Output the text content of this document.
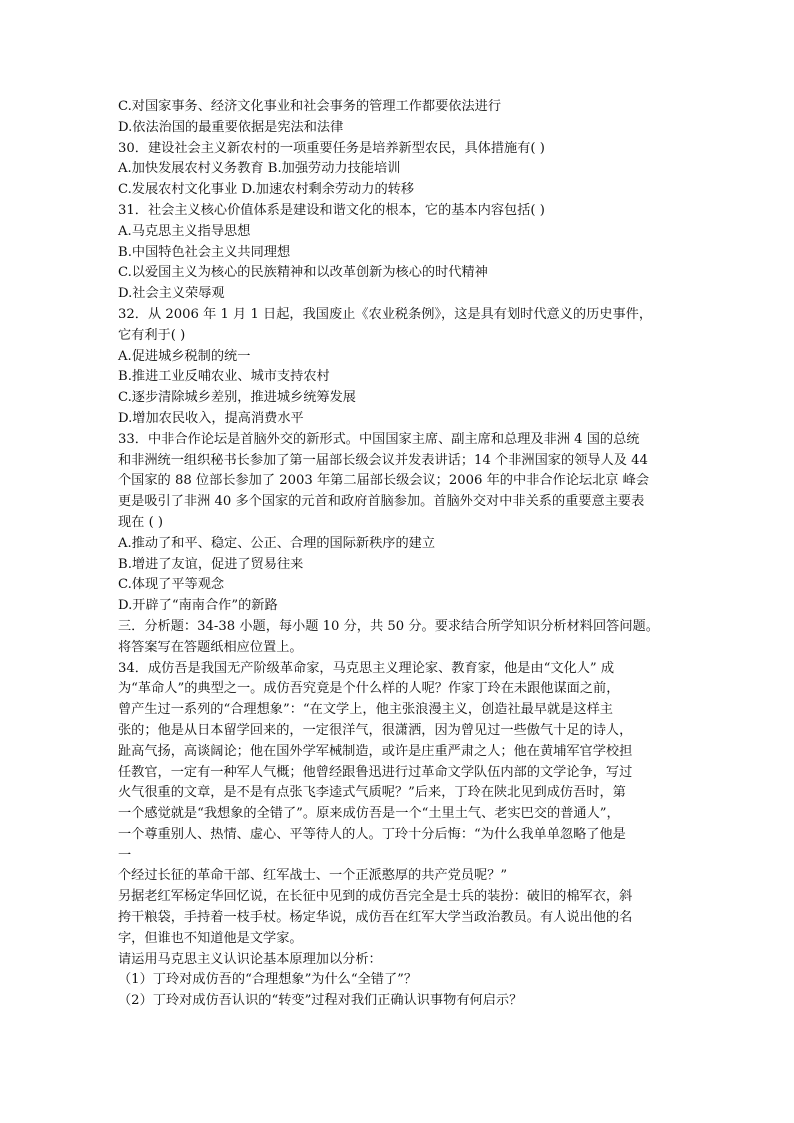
C.对国家事务、经济文化事业和社会事务的管理工作都要依法进行
D.依法治国的最重要依据是宪法和法律
30．建设社会主义新农村的一项重要任务是培养新型农民，具体措施有( )
A.加快发展农村义务教育 B.加强劳动力技能培训
C.发展农村文化事业 D.加速农村剩余劳动力的转移
31．社会主义核心价值体系是建设和谐文化的根本，它的基本内容包括( )
A.马克思主义指导思想
B.中国特色社会主义共同理想
C.以爱国主义为核心的民族精神和以改革创新为核心的时代精神
D.社会主义荣辱观
32．从 2006 年 1 月 1 日起，我国废止《农业税条例》，这是具有划时代意义的历史事件，
它有利于( )
A.促进城乡税制的统一
B.推进工业反哺农业、城市支持农村
C.逐步清除城乡差别，推进城乡统筹发展
D.增加农民收入，提高消费水平
33．中非合作论坛是首脑外交的新形式。中国国家主席、副主席和总理及非洲 4 国的总统
和非洲统一组织秘书长参加了第一届部长级会议并发表讲话；14 个非洲国家的领导人及 44
个国家的 88 位部长参加了 2003 年第二届部长级会议；2006 年的中非合作论坛北京 峰会
更是吸引了非洲 40 多个国家的元首和政府首脑参加。首脑外交对中非关系的重要意主要表
现在 ( )
A.推动了和平、稳定、公正、合理的国际新秩序的建立
B.增进了友谊，促进了贸易往来
C.体现了平等观念
D.开辟了“南南合作”的新路
三．分析题：34-38 小题，每小题 10 分，共 50 分。要求结合所学知识分析材料回答问题。
将答案写在答题纸相应位置上。
34．成仿吾是我国无产阶级革命家，马克思主义理论家、教育家，他是由“文化人” 成
为“革命人”的典型之一。成仿吾究竟是个什么样的人呢？作家丁玲在未跟他谋面之前，
曾产生过一系列的“合理想象”：“在文学上，他主张浪漫主义，创造社最早就是这样主
张的；他是从日本留学回来的，一定很洋气，很潇洒，因为曾见过一些傲气十足的诗人，
趾高气扬，高谈阔论；他在国外学军械制造，或许是庄重严肃之人；他在黄埔军官学校担
任教官，一定有一种军人气概；他曾经跟鲁迅进行过革命文学队伍内部的文学论争，写过
火气很重的文章，是不是有点张飞李逵式气质呢？”后来，丁玲在陕北见到成仿吾时，第
一个感觉就是“我想象的全错了”。原来成仿吾是一个“土里土气、老实巴交的普通人”，
一个尊重别人、热情、虚心、平等待人的人。丁玲十分后悔：“为什么我单单忽略了他是
一
个经过长征的革命干部、红军战士、一个正派憨厚的共产党员呢？”
另据老红军杨定华回忆说，在长征中见到的成仿吾完全是士兵的装扮：破旧的棉军衣，斜
挎干粮袋，手持着一枝手杖。杨定华说，成仿吾在红军大学当政治教员。有人说出他的名
字，但谁也不知道他是文学家。
请运用马克思主义认识论基本原理加以分析：
（1）丁玲对成仿吾的“合理想象”为什么“全错了”？
（2）丁玲对成仿吾认识的“转变”过程对我们正确认识事物有何启示？
